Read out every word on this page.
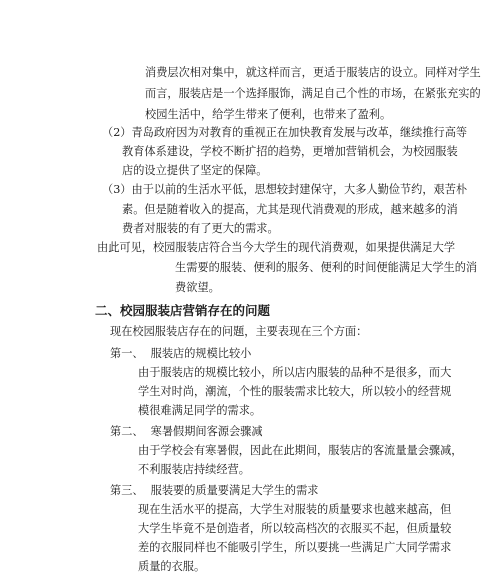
消费层次相对集中，就这样而言，更适于服装店的设立。同样对学生
而言，服装店是一个选择服饰，满足自己个性的市场，在紧张充实的
校园生活中，给学生带来了便利，也带来了盈利。
（2）青岛政府因为对教育的重视正在加快教育发展与改革，继续推行高等
教育体系建设，学校不断扩招的趋势，更增加营销机会，为校园服装
店的设立提供了坚定的保障。
（3）由于以前的生活水平低，思想较封建保守，大多人勤俭节约，艰苦朴
素。但是随着收入的提高，尤其是现代消费观的形成，越来越多的消
费者对服装的有了更大的需求。
由此可见，校园服装店符合当今大学生的现代消费观，如果提供满足大学
生需要的服装、便利的服务、便利的时间便能满足大学生的消
费欲望。
二、校园服装店营销存在的问题
现在校园服装店存在的问题，主要表现在三个方面：
第一、  服装店的规模比较小
由于服装店的规模比较小，所以店内服装的品种不是很多，而大
学生对时尚，潮流，个性的服装需求比较大，所以较小的经营规
模很难满足同学的需求。
第二、  寒暑假期间客源会骤减
由于学校会有寒暑假，因此在此期间，服装店的客流量量会骤减，
不利服装店持续经营。
第三、  服装要的质量要满足大学生的需求
现在生活水平的提高，大学生对服装的质量要求也越来越高，但
大学生毕竟不是创造者，所以较高档次的衣服买不起，但质量较
差的衣服同样也不能吸引学生，所以要挑一些满足广大同学需求
质量的衣服。
